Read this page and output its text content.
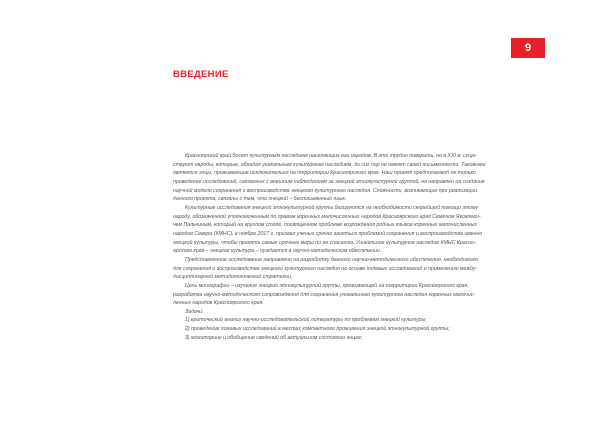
9
ВВЕДЕНИЕ
Красноярский край богат культурным наследием населяющих его народов. В это трудно поверить, но в XXI в. суще-
ствуют народы, которые, обладая уникальным культурным наследием, до сих пор не имеют своей письменности. Таковыми
являются энцы, проживающие исключительно на территории Красноярского края. Наш проект предполагает не только
проведение исследований, связанных с внешним наблюдением за энецкой этнокультурной группой, но направлен на создание
научной модели сохранения и воспроизводства энецкого культурного наследия. Сложности, возникающие при реализации
данного проекта, связаны с тем, что энецкий – бесписьменный язык.
Культурные исследования энецкой этнокультурной группы базируются на необходимости скорейшей помощи этому
народу, обозначенной уполномоченным по правам коренных малочисленных народов Красноярского края Семеном Яковлеви-
чем Пальчиным, который на круглом столе, посвященном проблеме возрождения родных языков коренных малочисленных
народов Севера (КМНС), в ноябре 2017 г. призвал ученых срочно заняться проблемой сохранения и воспроизводства именно
энецкой культуры, чтобы принять самые срочные меры по ее спасению. Уникальное культурное наследие КМНС Красно-
ярского края – энецкая культура – нуждается в научно-методическом обеспечении.
Представленное исследование направлено на разработку данного научно-методического обеспечения, необходимого
для сохранения и воспроизводства энецкого культурного наследия на основе полевых исследований и применению между-
дисциплинарной методологической стратегии.
Цель монографии – изучение энецкой этнокультурной группы, проживающей на территории Красноярского края,
разработка научно-методического сопровождения для сохранения уникального культурного наследия коренных малочис-
ленных народов Красноярского края.
Задачи:
1) критический анализ научно-исследовательской литературы по проблемам энецкой культуры;
2) проведение полевых исследований в местах компактного проживания энецкой этнокультурной группы;
3) мониторинг и обобщение сведений об актуальном состоянии энцев;
